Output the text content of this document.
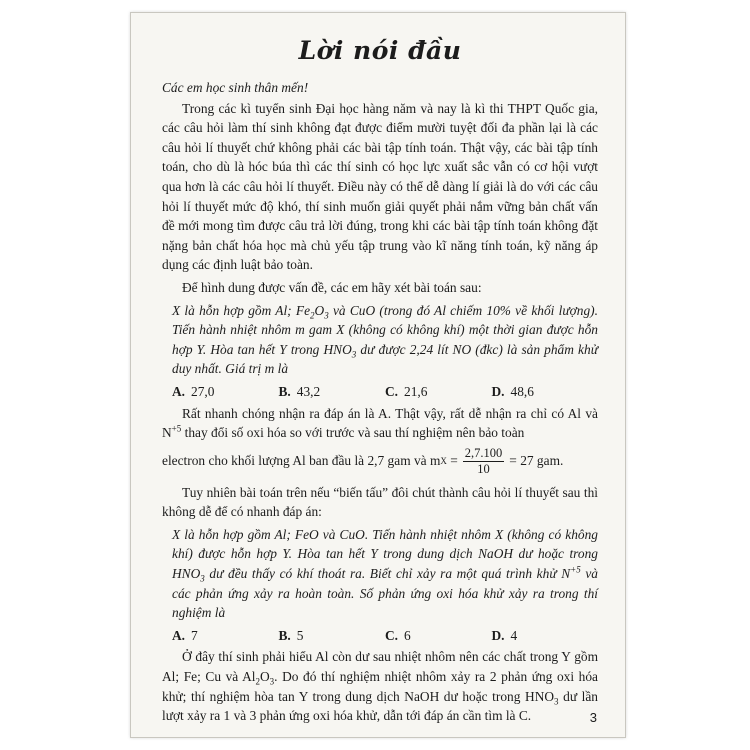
Lời nói đầu
Các em học sinh thân mến!

Trong các kì tuyển sinh Đại học hàng năm và nay là kì thi THPT Quốc gia, các câu hỏi làm thí sinh không đạt được điểm mười tuyệt đối đa phần lại là các câu hỏi lí thuyết chứ không phải các bài tập tính toán. Thật vậy, các bài tập tính toán, cho dù là hóc búa thì các thí sinh có học lực xuất sắc vẫn có cơ hội vượt qua hơn là các câu hỏi lí thuyết. Điều này có thể dễ dàng lí giải là do với các câu hỏi lí thuyết mức độ khó, thí sinh muốn giải quyết phải nắm vững bản chất vấn đề mới mong tìm được câu trả lời đúng, trong khi các bài tập tính toán không đặt nặng bản chất hóa học mà chủ yếu tập trung vào kĩ năng tính toán, kỹ năng áp dụng các định luật bảo toàn.

Để hình dung được vấn đề, các em hãy xét bài toán sau:

X là hỗn hợp gồm Al; $Fe_2O_3$ và CuO (trong đó Al chiếm 10% về khối lượng). Tiến hành nhiệt nhôm m gam X (không có không khí) một thời gian được hỗn hợp Y. Hòa tan hết Y trong $HNO_3$ dư được 2,24 lít NO (đkc) là sản phẩm khử duy nhất. Giá trị m là

A. 27,0	B. 43,2	C. 21,6	D. 48,6

Rất nhanh chóng nhận ra đáp án là A. Thật vậy, rất dễ nhận ra chỉ có Al và $N^{+5}$ thay đổi số oxi hóa so với trước và sau thí nghiệm nên bảo toàn

electron cho khối lượng Al ban đầu là 2,7 gam và m X
= $\frac{2,7.100}{10} = 27$ gam.

Tuy nhiên bài toán trên nếu “biến tấu” đôi chút thành câu hỏi lí thuyết sau thì không dễ để có nhanh đáp án:

X là hỗn hợp gồm Al; FeO và CuO. Tiến hành nhiệt nhôm X (không có không khí) được hỗn hợp Y. Hòa tan hết Y trong dung dịch NaOH dư hoặc trong $HNO_3$ dư đều thấy có khí thoát ra. Biết chỉ xảy ra một quá trình khử $N^{+5}$ và các phản ứng xảy ra hoàn toàn. Số phản ứng oxi hóa khử xảy ra trong thí nghiệm là

A. 7	B. 5	C. 6	D. 4

Ở đây thí sinh phải hiểu Al còn dư sau nhiệt nhôm nên các chất trong Y gồm Al; Fe; Cu và $Al_2O_3$. Do đó thí nghiệm nhiệt nhôm xảy ra 2 phản ứng oxi hóa khử; thí nghiệm hòa tan Y trong dung dịch NaOH dư hoặc trong $HNO_3$ dư lần lượt xảy ra 1 và 3 phản ứng oxi hóa khử, dẫn tới đáp án cần tìm là C.	3
